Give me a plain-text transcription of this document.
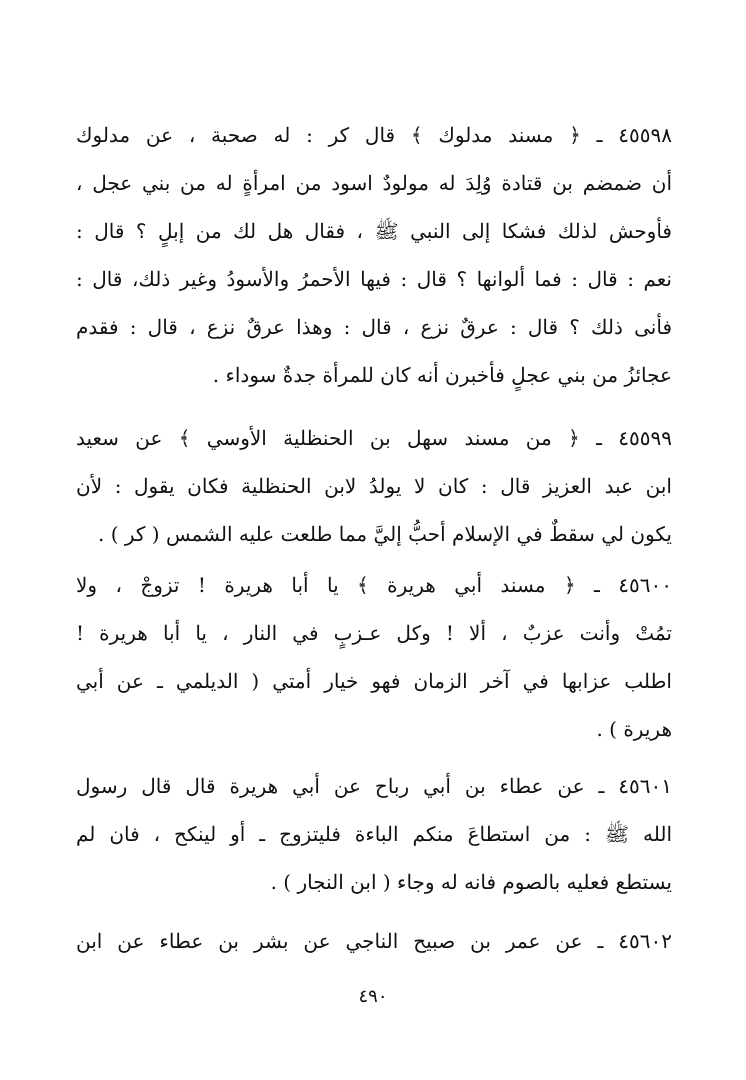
٤٥٥٩٨ ـ ﴿ مسند مدلوك ﴾ قال كر : له صحبة ، عن مدلوك
أن ضمضم بن قتادة وُلِدَ له مولودٌ اسود من امرأةٍ له من بني عجل ،
فأوحش لذلك فشكا إلى النبي ﷺ ، فقال هل لك من إبلٍ ؟ قال :
نعم : قال : فما ألوانها ؟ قال : فيها الأحمرُ والأسودُ وغير ذلك، قال :
فأنى ذلك ؟ قال : عرقٌ نزع ، قال : وهذا عرقٌ نزع ، قال : فقدم
عجائزُ من بني عجلٍ فأخبرن أنه كان للمرأة جدةٌ سوداء .
٤٥٥٩٩ ـ ﴿ من مسند سهل بن الحنظلية الأوسي ﴾ عن سعيد
ابن عبد العزيز قال : كان لا يولدُ لابن الحنظلية فكان يقول : لأن
يكون لي سقطٌ في الإسلام أحبُّ إليَّ مما طلعت عليه الشمس ( كر ) .
٤٥٦٠٠ ـ ﴿ مسند أبي هريرة ﴾ يا أبا هريرة ! تزوجْ ، ولا
تمُتْ وأنت عزبٌ ، ألا ! وكل عـزبٍ في النار ، يا أبا هريرة !
اطلب عزابها في آخر الزمان فهو خيار أمتي ( الديلمي ـ عن أبي
هريرة ) .
٤٥٦٠١ ـ عن عطاء بن أبي رباح عن أبي هريرة قال قال رسول
الله ﷺ : من استطاعَ منكم الباءة فليتزوج ـ أو لينكح ، فان لم
يستطع فعليه بالصوم فانه له وجاء ( ابن النجار ) .
٤٥٦٠٢ ـ عن عمر بن صبيح الناجي عن بشر بن عطاء عن ابن
٤٩٠
